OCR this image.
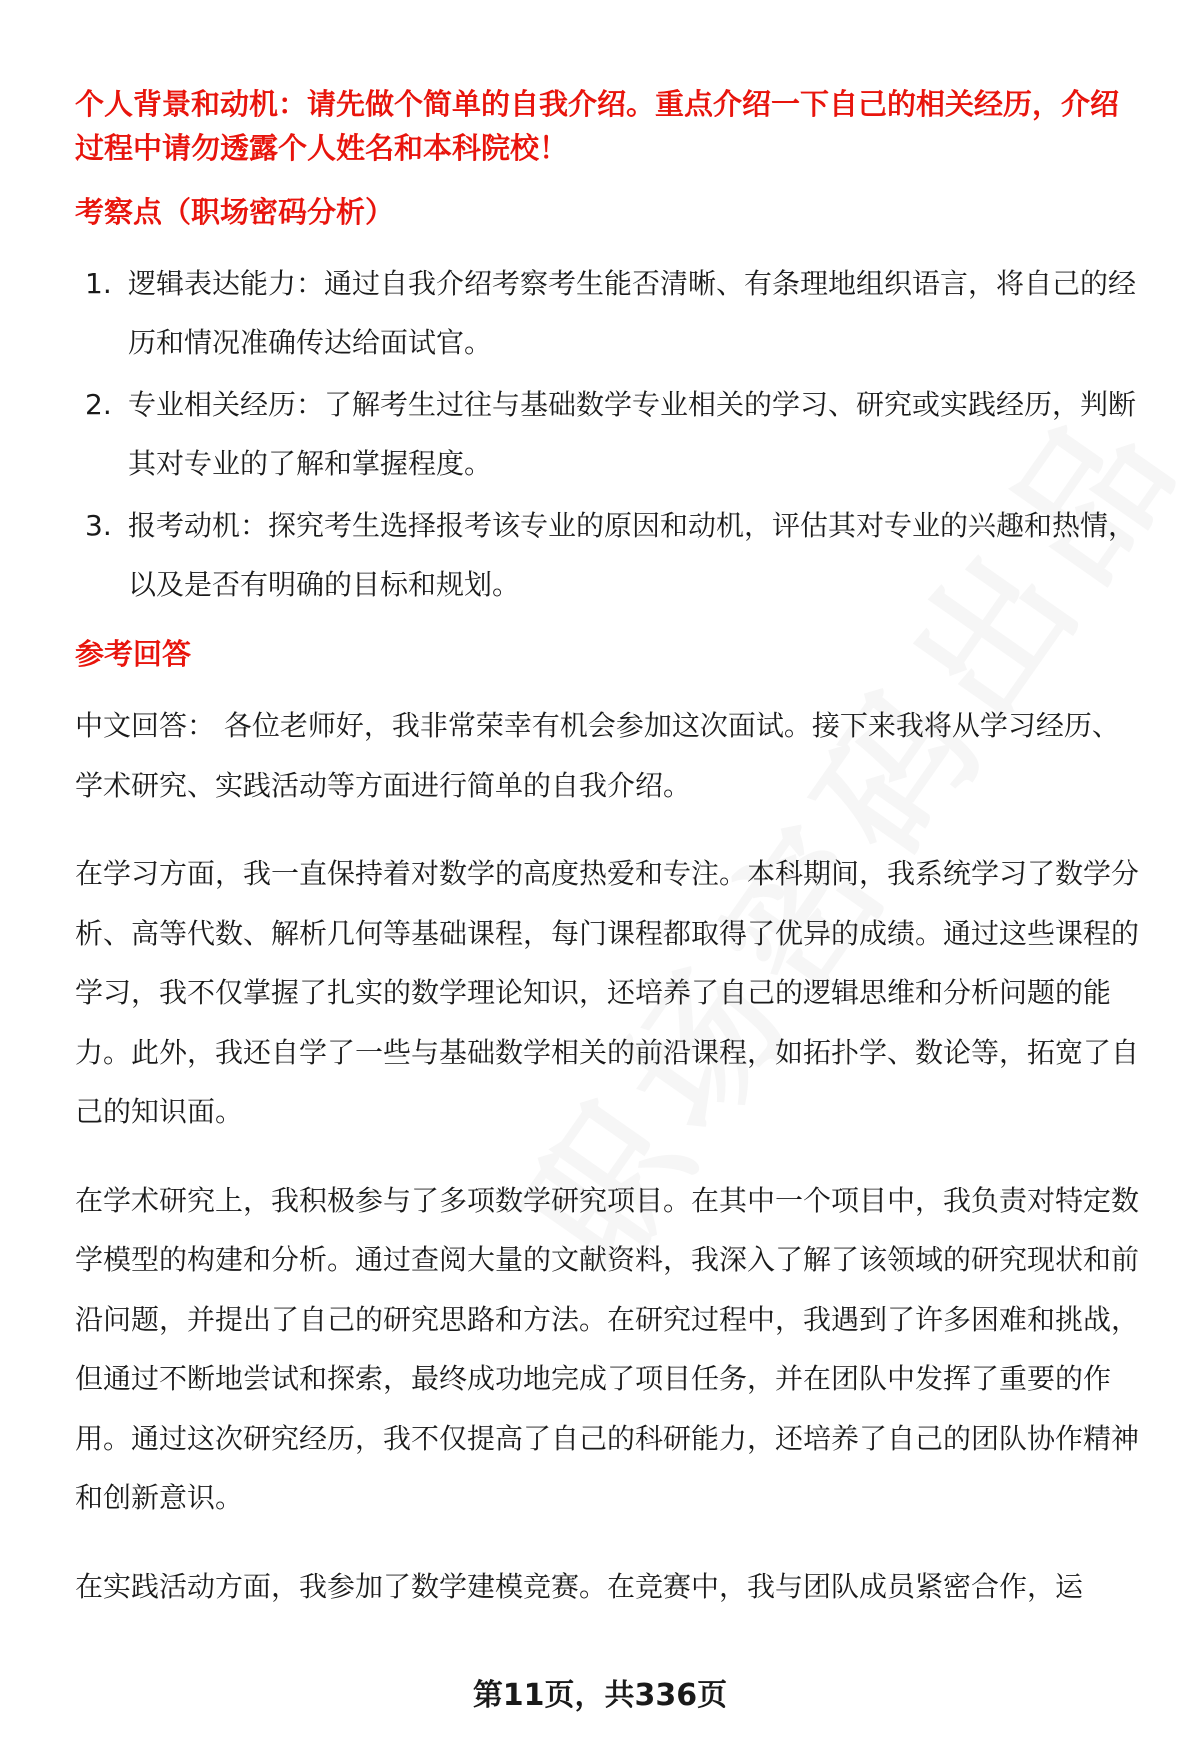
个人背景和动机：请先做个简单的自我介绍。重点介绍一下自己的相关经历，介绍过程中请勿透露个人姓名和本科院校！
考察点（职场密码分析）
1. 逻辑表达能力：通过自我介绍考察考生能否清晰、有条理地组织语言，将自己的经历和情况准确传达给面试官。
2. 专业相关经历：了解考生过往与基础数学专业相关的学习、研究或实践经历，判断其对专业的了解和掌握程度。
3. 报考动机：探究考生选择报考该专业的原因和动机，评估其对专业的兴趣和热情，以及是否有明确的目标和规划。
参考回答

中文回答： 各位老师好，我非常荣幸有机会参加这次面试。接下来我将从学习经历、学术研究、实践活动等方面进行简单的自我介绍。

在学习方面，我一直保持着对数学的高度热爱和专注。本科期间，我系统学习了数学分析、高等代数、解析几何等基础课程，每门课程都取得了优异的成绩。通过这些课程的学习，我不仅掌握了扎实的数学理论知识，还培养了自己的逻辑思维和分析问题的能力。此外，我还自学了一些与基础数学相关的前沿课程，如拓扑学、数论等，拓宽了自己的知识面。

在学术研究上，我积极参与了多项数学研究项目。在其中一个项目中，我负责对特定数学模型的构建和分析。通过查阅大量的文献资料，我深入了解了该领域的研究现状和前沿问题，并提出了自己的研究思路和方法。在研究过程中，我遇到了许多困难和挑战，但通过不断地尝试和探索，最终成功地完成了项目任务，并在团队中发挥了重要的作用。通过这次研究经历，我不仅提高了自己的科研能力，还培养了自己的团队协作精神和创新意识。

在实践活动方面，我参加了数学建模竞赛。在竞赛中，我与团队成员紧密合作，运

第11页，共336页
